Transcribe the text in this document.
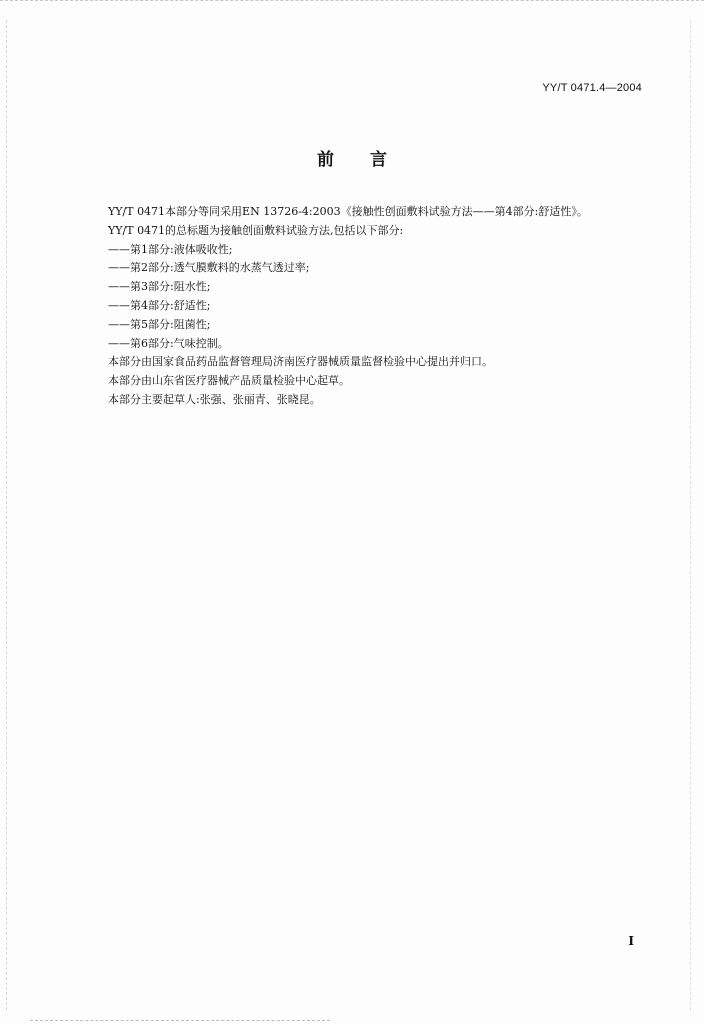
YY/T 0471.4—2004
前言
YY/T 0471本部分等同采用EN 13726-4:2003《接触性创面敷料试验方法——第4部分:舒适性》。
YY/T 0471的总标题为接触创面敷料试验方法,包括以下部分:
——第1部分:液体吸收性;
——第2部分:透气膜敷料的水蒸气透过率;
——第3部分:阻水性;
——第4部分:舒适性;
——第5部分:阻菌性;
——第6部分:气味控制。
本部分由国家食品药品监督管理局济南医疗器械质量监督检验中心提出并归口。
本部分由山东省医疗器械产品质量检验中心起草。
本部分主要起草人:张强、张丽青、张晓昆。
I
